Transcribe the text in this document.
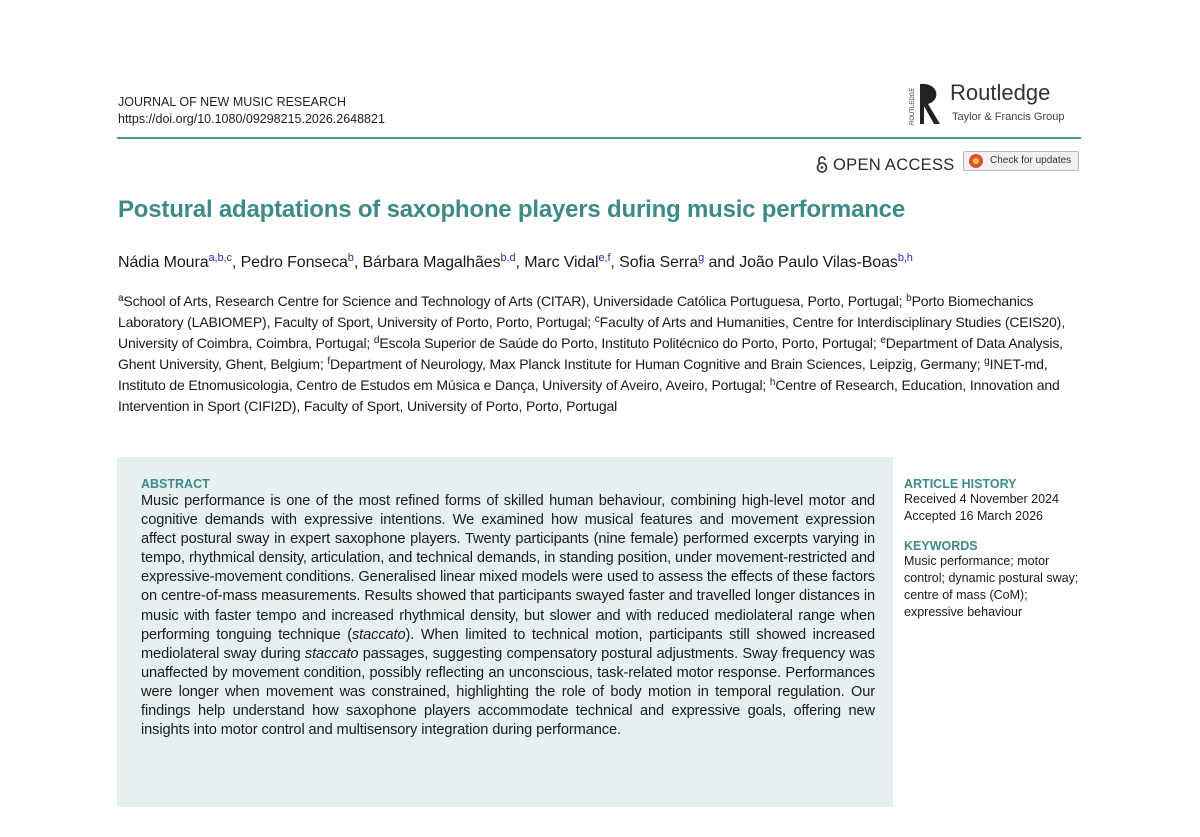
JOURNAL OF NEW MUSIC RESEARCH
https://doi.org/10.1080/09298215.2026.2648821	ROUTLEDGE Routledge
Taylor & Francis Group
OPEN ACCESS	Check for updates
Postural adaptations of saxophone players during music performance
Nádia Moura$^{a,b,c}$, Pedro Fonseca$^b$, Bárbara Magalhães$^{b,d}$, Marc Vidal$^{e,f}$, Sofia Serra$^g$ and João Paulo Vilas-Boas$^{b,h}$
$^a$School of Arts, Research Centre for Science and Technology of Arts (CITAR), Universidade Católica Portuguesa, Porto, Portugal; $^b$Porto Biomechanics Laboratory (LABIOMEP), Faculty of Sport, University of Porto, Porto, Portugal; $^c$Faculty of Arts and Humanities, Centre for Interdisciplinary Studies (CEIS20), University of Coimbra, Coimbra, Portugal; $^d$Escola Superior de Saúde do Porto, Instituto Politécnico do Porto, Porto, Portugal; $^e$Department of Data Analysis, Ghent University, Ghent, Belgium; $^f$Department of Neurology, Max Planck Institute for Human Cognitive and Brain Sciences, Leipzig, Germany; $^g$INET-md, Instituto de Etnomusicologia, Centro de Estudos em Música e Dança, University of Aveiro, Aveiro, Portugal; $^h$Centre of Research, Education, Innovation and Intervention in Sport (CIFI2D), Faculty of Sport, University of Porto, Porto, Portugal
ABSTRACT

Music performance is one of the most refined forms of skilled human behaviour, combining high-level motor and cognitive demands with expressive intentions. We examined how musical features and movement expression affect postural sway in expert saxophone players. Twenty participants (nine female) performed excerpts varying in tempo, rhythmical density, articulation, and technical demands, in standing position, under movement-restricted and expressive-movement conditions. Generalised linear mixed models were used to assess the effects of these factors on centre-of-mass measurements. Results showed that participants swayed faster and travelled longer distances in music with faster tempo and increased rhythmical density, but slower and with reduced mediolateral range when performing tonguing technique (staccato). When limited to technical motion, participants still showed increased mediolateral sway during staccato passages, suggesting compensatory postural adjustments. Sway frequency was unaffected by movement condition, possibly reflecting an unconscious, task-related motor response. Performances were longer when movement was constrained, highlighting the role of body motion in temporal regulation. Our findings help understand how saxophone players accommodate technical and expressive goals, offering new insights into motor control and multisensory integration during performance.

ARTICLE HISTORY
Received 4 November 2024
Accepted 16 March 2026
KEYWORDS
Music performance; motor control; dynamic postural sway; centre of mass (CoM); expressive behaviour
